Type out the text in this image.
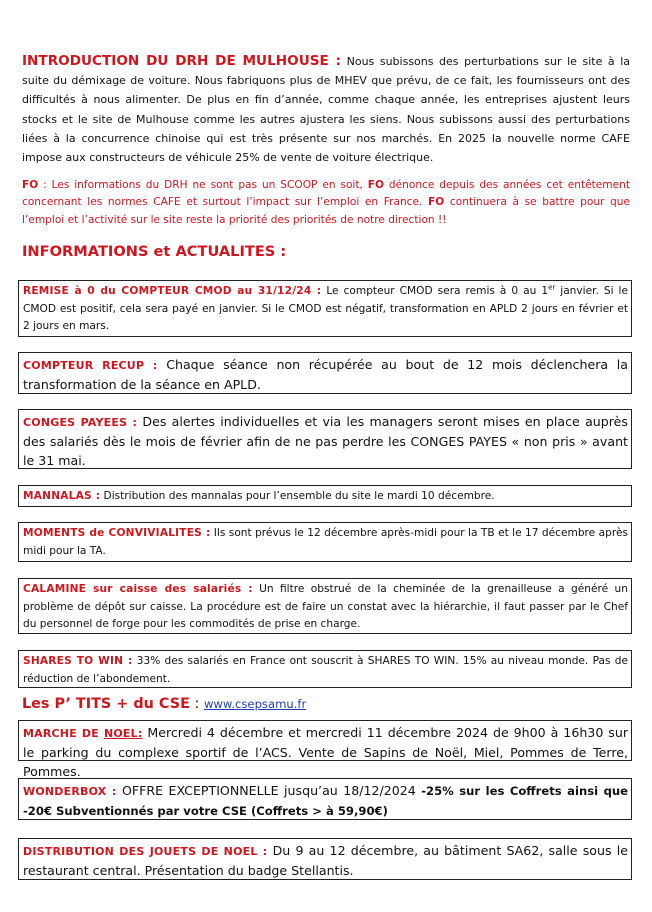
INTRODUCTION DU DRH DE MULHOUSE : Nous subissons des perturbations sur le site à la suite du démixage de voiture. Nous fabriquons plus de MHEV que prévu, de ce fait, les fournisseurs ont des difficultés à nous alimenter. De plus en fin d’année, comme chaque année, les entreprises ajustent leurs stocks et le site de Mulhouse comme les autres ajustera les siens. Nous subissons aussi des perturbations liées à la concurrence chinoise qui est très présente sur nos marchés. En 2025 la nouvelle norme CAFE impose aux constructeurs de véhicule 25% de vente de voiture électrique.
FO : Les informations du DRH ne sont pas un SCOOP en soit, FO dénonce depuis des années cet entêtement concernant les normes CAFE et surtout l’impact sur l’emploi en France. FO continuera à se battre pour que l’emploi et l’activité sur le site reste la priorité des priorités de notre direction !!
INFORMATIONS et ACTUALITES :
REMISE à 0 du COMPTEUR CMOD au 31/12/24 : Le compteur CMOD sera remis à 0 au 1er janvier. Si le CMOD est positif, cela sera payé en janvier. Si le CMOD est négatif, transformation en APLD 2 jours en février et 2 jours en mars.
COMPTEUR RECUP : Chaque séance non récupérée au bout de 12 mois déclenchera la transformation de la séance en APLD.
CONGES PAYEES : Des alertes individuelles et via les managers seront mises en place auprès des salariés dès le mois de février afin de ne pas perdre les CONGES PAYES « non pris » avant le 31 mai.
MANNALAS : Distribution des mannalas pour l’ensemble du site le mardi 10 décembre.
MOMENTS de CONVIVIALITES : Ils sont prévus le 12 décembre après-midi pour la TB et le 17 décembre après midi pour la TA.
CALAMINE sur caisse des salariés : Un filtre obstrué de la cheminée de la grenailleuse a généré un problème de dépôt sur caisse. La procédure est de faire un constat avec la hiérarchie, il faut passer par le Chef du personnel de forge pour les commodités de prise en charge.
SHARES TO WIN : 33% des salariés en France ont souscrit à SHARES TO WIN. 15% au niveau monde. Pas de réduction de l’abondement.
Les P’ TITS + du CSE : www.csepsamu.fr
MARCHE DE NOEL: Mercredi 4 décembre et mercredi 11 décembre 2024 de 9h00 à 16h30 sur le parking du complexe sportif de l’ACS. Vente de Sapins de Noël, Miel, Pommes de Terre, Pommes.
WONDERBOX : OFFRE EXCEPTIONNELLE jusqu’au 18/12/2024 -25% sur les Coffrets ainsi que -20€ Subventionnés par votre CSE (Coffrets > à 59,90€)
DISTRIBUTION DES JOUETS DE NOEL : Du 9 au 12 décembre, au bâtiment SA62, salle sous le restaurant central. Présentation du badge Stellantis.
